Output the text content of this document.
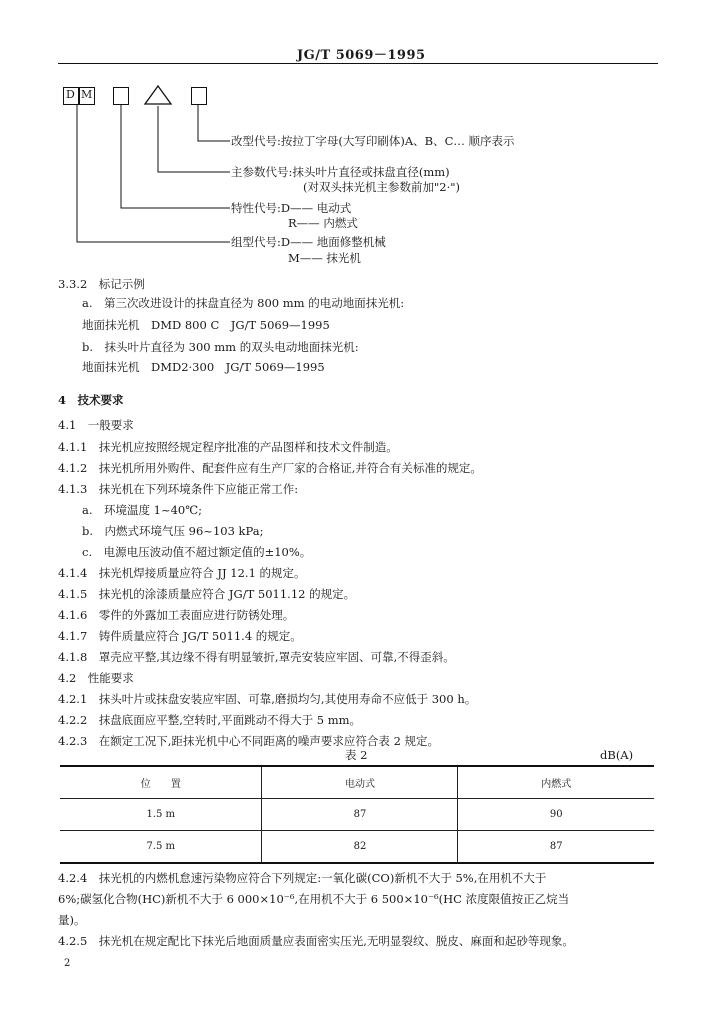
JG/T 5069－1995
D M
改型代号:按拉丁字母(大写印刷体)A、B、C… 顺序表示
主参数代号:抹头叶片直径或抹盘直径(mm)
(对双头抹光机主参数前加"2·")
特性代号:D—— 电动式
R—— 内燃式
组型代号:D—— 地面修整机械
M—— 抹光机
3.3.2　标记示例
a.　第三次改进设计的抹盘直径为 800 mm 的电动地面抹光机:
地面抹光机　DMD 800 C　JG/T 5069—1995
b.　抹头叶片直径为 300 mm 的双头电动地面抹光机:
地面抹光机　DMD2·300　JG/T 5069—1995
4　技术要求
4.1　一般要求
4.1.1　抹光机应按照经规定程序批准的产品图样和技术文件制造。
4.1.2　抹光机所用外购件、配套件应有生产厂家的合格证,并符合有关标准的规定。
4.1.3　抹光机在下列环境条件下应能正常工作:
a.　环境温度 1~40℃;
b.　内燃式环境气压 96~103 kPa;
c.　电源电压波动值不超过额定值的±10%。
4.1.4　抹光机焊接质量应符合 JJ 12.1 的规定。
4.1.5　抹光机的涂漆质量应符合 JG/T 5011.12 的规定。
4.1.6　零件的外露加工表面应进行防锈处理。
4.1.7　铸件质量应符合 JG/T 5011.4 的规定。
4.1.8　罩壳应平整,其边缘不得有明显皱折,罩壳安装应牢固、可靠,不得歪斜。
4.2　性能要求
4.2.1　抹头叶片或抹盘安装应牢固、可靠,磨损均匀,其使用寿命不应低于 300 h。
4.2.2　抹盘底面应平整,空转时,平面跳动不得大于 5 mm。
4.2.3　在额定工况下,距抹光机中心不同距离的噪声要求应符合表 2 规定。
表 2	dB(A)
位　　置	电动式	内燃式
1.5 m	87	90
7.5 m	82	87
4.2.4　抹光机的内燃机怠速污染物应符合下列规定:一氧化碳(CO)新机不大于 5%,在用机不大于
6%;碳氢化合物(HC)新机不大于 6 000×10⁻⁶,在用机不大于 6 500×10⁻⁶(HC 浓度限值按正乙烷当
量)。
4.2.5　抹光机在规定配比下抹光后地面质量应表面密实压光,无明显裂纹、脱皮、麻面和起砂等现象。
2
